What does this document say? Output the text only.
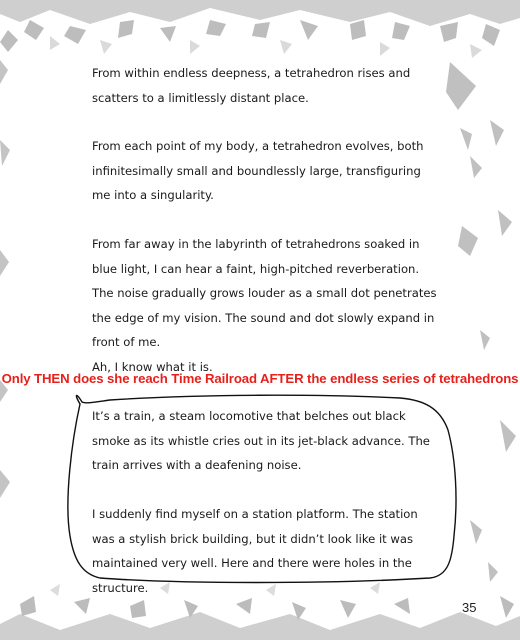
From within endless deepness, a tetrahedron rises and scatters to a limitlessly distant place.

From each point of my body, a tetrahedron evolves, both infinitesimally small and boundlessly large, transfiguring me into a singularity.

From far away in the labyrinth of tetrahedrons soaked in blue light, I can hear a faint, high-pitched reverberation. The noise gradually grows louder as a small dot penetrates the edge of my vision. The sound and dot slowly expand in front of me.

Ah, I know what it is.

It’s a train, a steam locomotive that belches out black smoke as its whistle cries out in its jet-black advance. The train arrives with a deafening noise.

I suddenly find myself on a station platform. The station was a stylish brick building, but it didn’t look like it was maintained very well. Here and there were holes in the structure.

Only THEN does she reach Time Railroad AFTER the endless series of tetrahedrons
35
